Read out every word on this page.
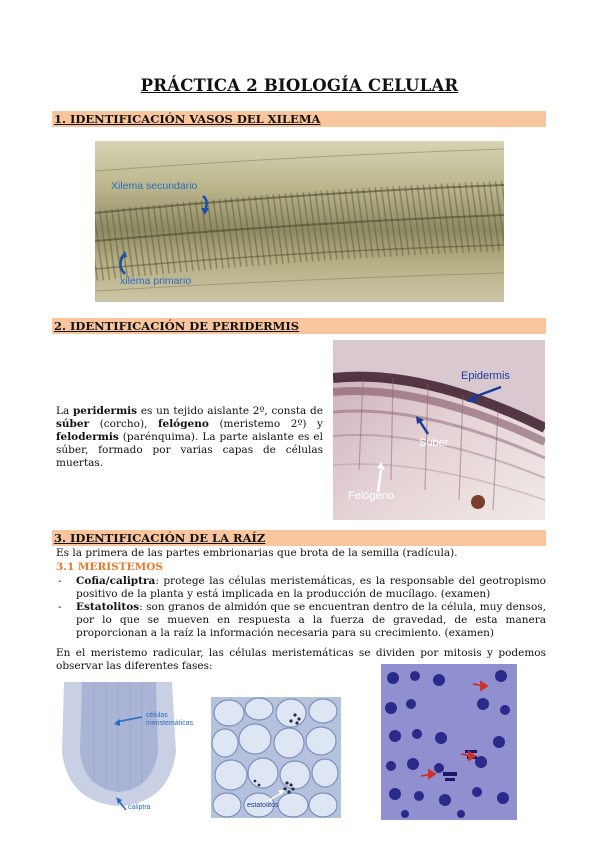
PRÁCTICA 2 BIOLOGÍA CELULAR
1. IDENTIFICACIÓN VASOS DEL XILEMA
Xilema secundario
xilema primario
2. IDENTIFICACIÓN DE PERIDERMIS
La peridermis es un tejido aislante 2º, consta de súber (corcho), felógeno (meristemo 2º) y felodermis (parénquima). La parte aislante es el súber, formado por varias capas de células muertas.
Epidermis
Súber
Felógeno
3. IDENTIFICACIÓN DE LA RAÍZ
Es la primera de las partes embrionarias que brota de la semilla (radícula).
3.1 MERISTEMOS
- Cofia/caliptra: protege las células meristemáticas, es la responsable del geotropismo positivo de la planta y está implicada en la producción de mucílago. (examen)
- Estatolitos: son granos de almidón que se encuentran dentro de la célula, muy densos, por lo que se mueven en respuesta a la fuerza de gravedad, de esta manera proporcionan a la raíz la información necesaria para su crecimiento. (examen)
En el meristemo radicular, las células meristemáticas se dividen por mitosis y podemos observar las diferentes fases:
células
meristemáticas
caliptra	estatolitos
